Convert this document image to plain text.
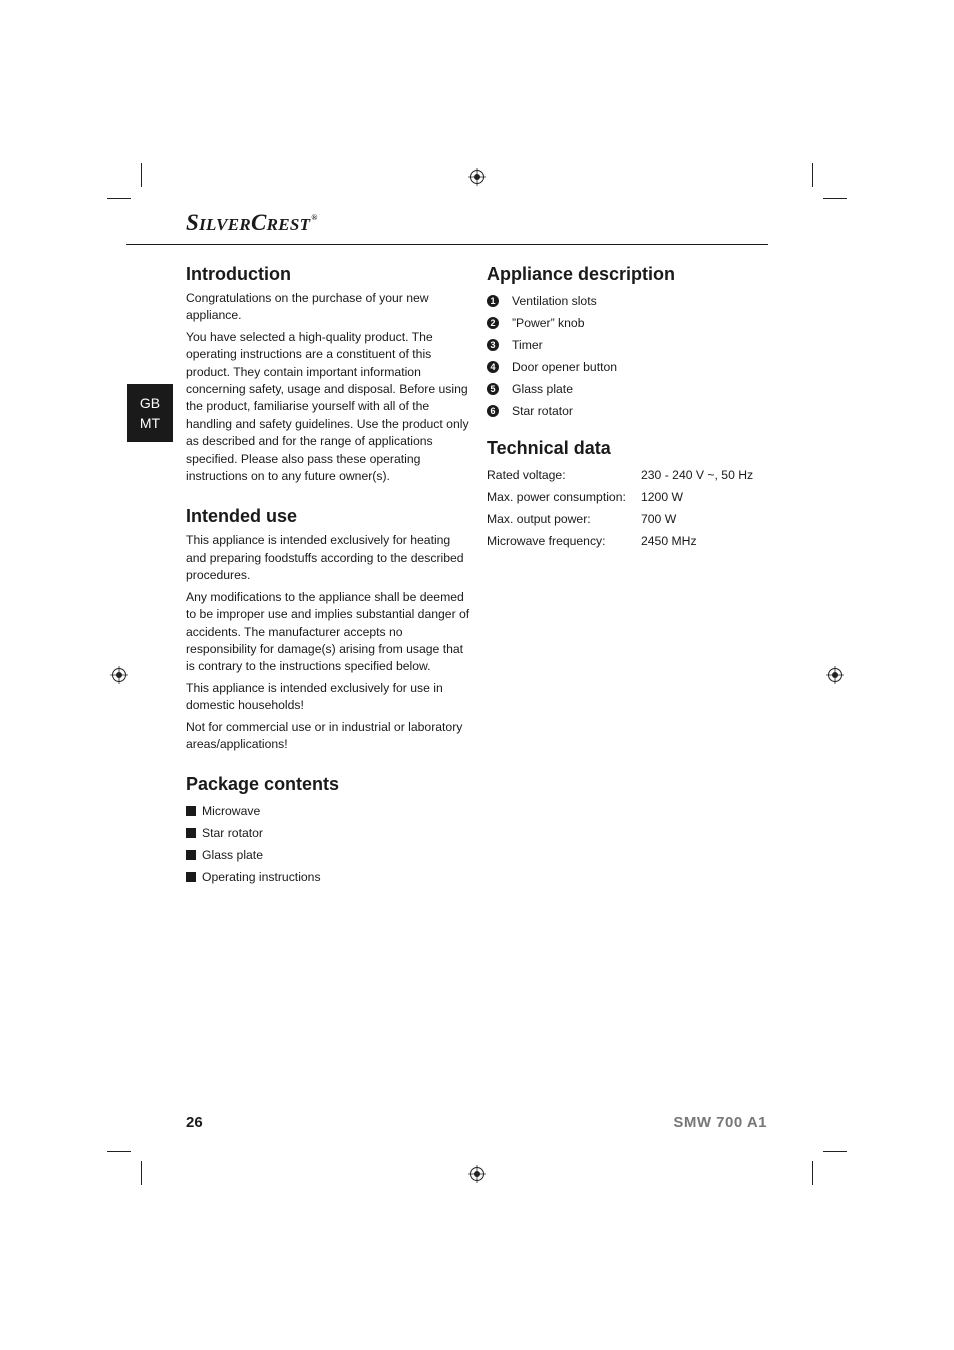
SILVERCREST®
GB
MT
Introduction

Congratulations on the purchase of your new appliance.

You have selected a high-quality product. The operating instructions are a constituent of this product. They contain important information concerning safety, usage and disposal. Before using the product, familiarise yourself with all of the handling and safety guidelines. Use the product only as described and for the range of applications specified. Please also pass these operating instructions on to any future owner(s).

Intended use

This appliance is intended exclusively for heating and preparing foodstuffs according to the described procedures.

Any modifications to the appliance shall be deemed to be improper use and implies substantial danger of accidents. The manufacturer accepts no responsibility for damage(s) arising from usage that is contrary to the instructions specified below.

This appliance is intended exclusively for use in domestic households!

Not for commercial use or in industrial or laboratory areas/applications!

Package contents
Microwave
Star rotator
Glass plate
Operating instructions
Appliance description
1 Ventilation slots
2 ”Power” knob
3 Timer
4 Door opener button
5 Glass plate
6 Star rotator
Technical data
Rated voltage:	230 - 240 V ~, 50 Hz
Max. power consumption:	1200 W
Max. output power:	700 W
Microwave frequency:	2450 MHz
26	SMW 700 A1
